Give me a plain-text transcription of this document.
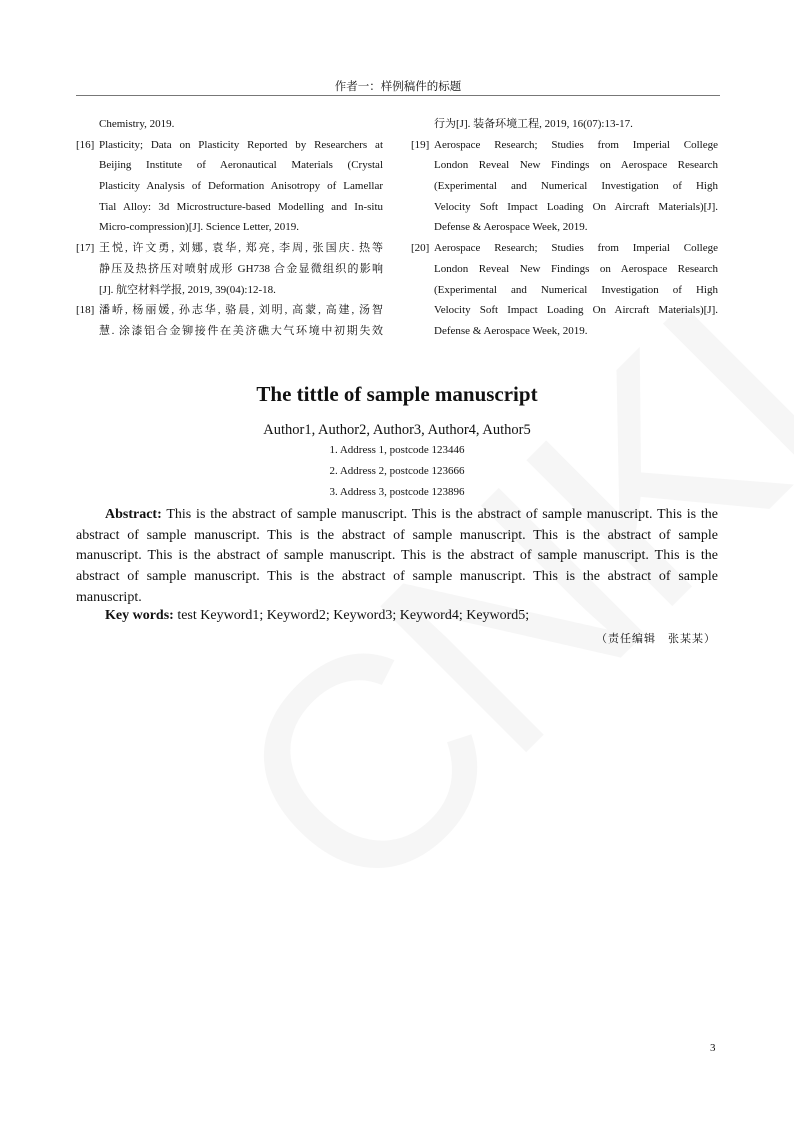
作者一：样例稿件的标题
Chemistry, 2019.
[16] Plasticity; Data on Plasticity Reported by Researchers at
Beijing Institute of Aeronautical Materials (Crystal
Plasticity Analysis of Deformation Anisotropy of Lamellar
Tial Alloy: 3d Microstructure-based Modelling and In-situ
Micro-compression)[J]. Science Letter, 2019.
[17] 王悦, 许文勇, 刘娜, 袁华, 郑亮, 李周, 张国庆. 热等
静压及热挤压对喷射成形 GH738 合金显微组织的影响
[J]. 航空材料学报, 2019, 39(04):12-18.
[18] 潘峤, 杨丽媛, 孙志华, 骆晨, 刘明, 高蒙, 高建, 汤智
慧. 涂漆铝合金铆接件在美济礁大气环境中初期失效
行为[J]. 装备环境工程, 2019, 16(07):13-17.
[19] Aerospace Research; Studies from Imperial College
London Reveal New Findings on Aerospace Research
(Experimental and Numerical Investigation of High
Velocity Soft Impact Loading On Aircraft Materials)[J].
Defense & Aerospace Week, 2019.
[20] Aerospace Research; Studies from Imperial College
London Reveal New Findings on Aerospace Research
(Experimental and Numerical Investigation of High
Velocity Soft Impact Loading On Aircraft Materials)[J].
Defense & Aerospace Week, 2019.
The tittle of sample manuscript
Author1, Author2, Author3, Author4, Author5
1. Address 1, postcode 123446
2. Address 2, postcode 123666
3. Address 3, postcode 123896

Abstract: This is the abstract of sample manuscript. This is the abstract of sample manuscript. This is the abstract of sample manuscript. This is the abstract of sample manuscript. This is the abstract of sample manuscript. This is the abstract of sample manuscript. This is the abstract of sample manuscript. This is the abstract of sample manuscript. This is the abstract of sample manuscript. This is the abstract of sample manuscript.

Key words: test Keyword1; Keyword2; Keyword3; Keyword4; Keyword5;
（责任编辑　张某某）
3
